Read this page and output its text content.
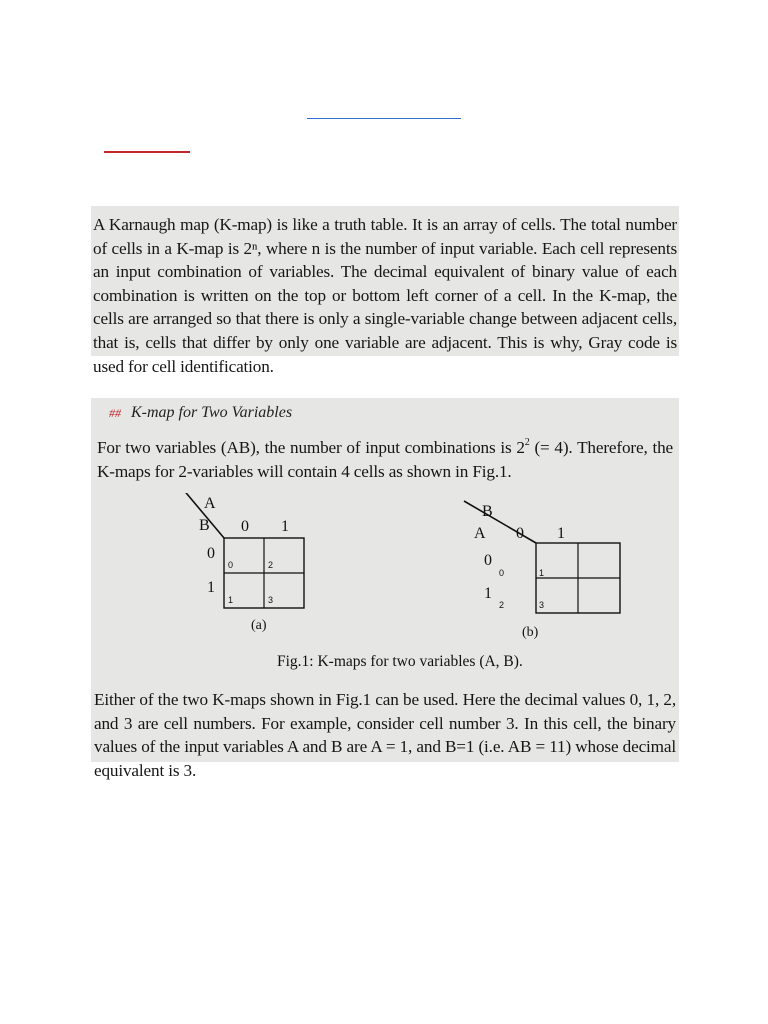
A Karnaugh map (K-map) is like a truth table. It is an array of cells. The total number of cells in a K-map is 2ⁿ, where n is the number of input variable. Each cell represents an input combination of variables. The decimal equivalent of binary value of each combination is written on the top or bottom left corner of a cell. In the K-map, the cells are arranged so that there is only a single-variable change between adjacent cells, that is, cells that differ by only one variable are adjacent. This is why, Gray code is used for cell identification.

## K-map for Two Variables

For two variables (AB), the number of input combinations is $2^2$ (= 4). Therefore, the K-maps for 2-variables will contain 4 cells as shown in Fig.1.

A
B 0 1
0
1
0	2
1	3
(a)
B
A 0 1
0
1
0	1
2	3
(b)
Fig.1: K-maps for two variables (A, B).

Either of the two K-maps shown in Fig.1 can be used. Here the decimal values 0, 1, 2, and 3 are cell numbers. For example, consider cell number 3. In this cell, the binary values of the input variables A and B are A = 1, and B=1 (i.e. AB = 11) whose decimal equivalent is 3.
